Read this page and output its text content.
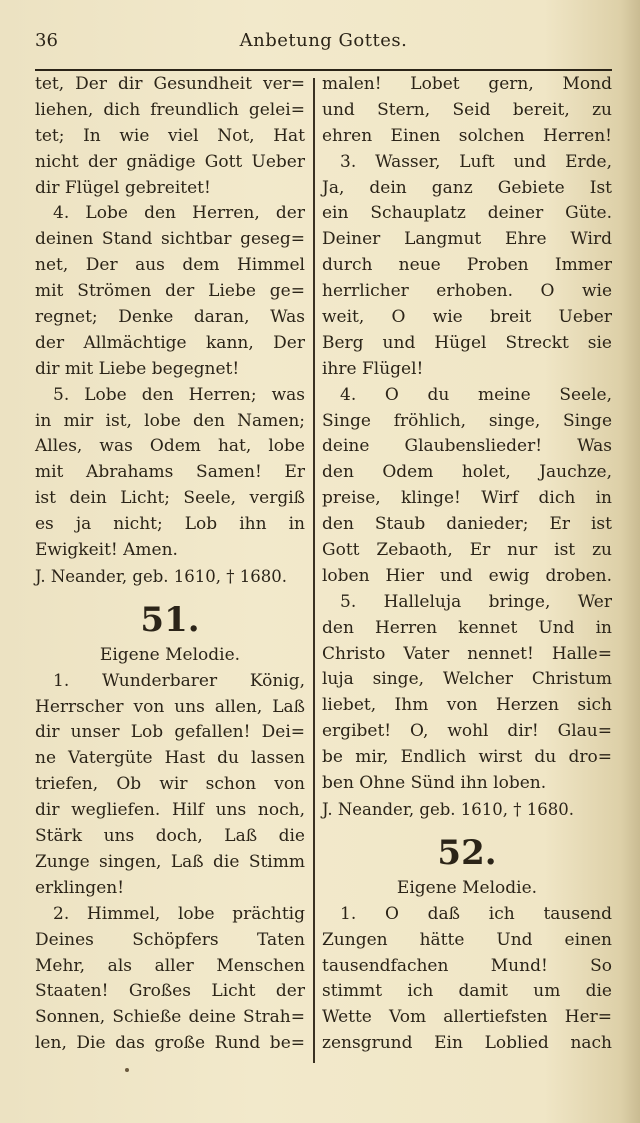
36	Anbetung Gottes.
tet, Der dir Gesundheit ver=
liehen, dich freundlich gelei=
tet; In wie viel Not, Hat
nicht der gnädige Gott Ueber
dir Flügel gebreitet!
4. Lobe den Herren, der
deinen Stand sichtbar geseg=
net, Der aus dem Himmel
mit Strömen der Liebe ge=
regnet; Denke daran, Was
der Allmächtige kann, Der
dir mit Liebe begegnet!
5. Lobe den Herren; was
in mir ist, lobe den Namen;
Alles, was Odem hat, lobe
mit Abrahams Samen! Er
ist dein Licht; Seele, vergiß
es ja nicht; Lob ihn in
Ewigkeit! Amen.
J. Neander, geb. 1610, † 1680.
51.
Eigene Melodie.
1. Wunderbarer König,
Herrscher von uns allen, Laß
dir unser Lob gefallen! Dei=
ne Vatergüte Hast du lassen
triefen, Ob wir schon von
dir wegliefen. Hilf uns noch,
Stärk uns doch, Laß die
Zunge singen, Laß die Stimm
erklingen!
2. Himmel, lobe prächtig
Deines Schöpfers Taten
Mehr, als aller Menschen
Staaten! Großes Licht der
Sonnen, Schieße deine Strah=
len, Die das große Rund be=
malen! Lobet gern, Mond
und Stern, Seid bereit, zu
ehren Einen solchen Herren!
3. Wasser, Luft und Erde,
Ja, dein ganz Gebiete Ist
ein Schauplatz deiner Güte.
Deiner Langmut Ehre Wird
durch neue Proben Immer
herrlicher erhoben. O wie
weit, O wie breit Ueber
Berg und Hügel Streckt sie
ihre Flügel!
4. O du meine Seele,
Singe fröhlich, singe, Singe
deine Glaubenslieder! Was
den Odem holet, Jauchze,
preise, klinge! Wirf dich in
den Staub danieder; Er ist
Gott Zebaoth, Er nur ist zu
loben Hier und ewig droben.
5. Halleluja bringe, Wer
den Herren kennet Und in
Christo Vater nennet! Halle=
luja singe, Welcher Christum
liebet, Ihm von Herzen sich
ergibet! O, wohl dir! Glau=
be mir, Endlich wirst du dro=
ben Ohne Sünd ihn loben.
J. Neander, geb. 1610, † 1680.
52.
Eigene Melodie.
1. O daß ich tausend
Zungen hätte Und einen
tausendfachen Mund! So
stimmt ich damit um die
Wette Vom allertiefsten Her=
zensgrund Ein Loblied nach
